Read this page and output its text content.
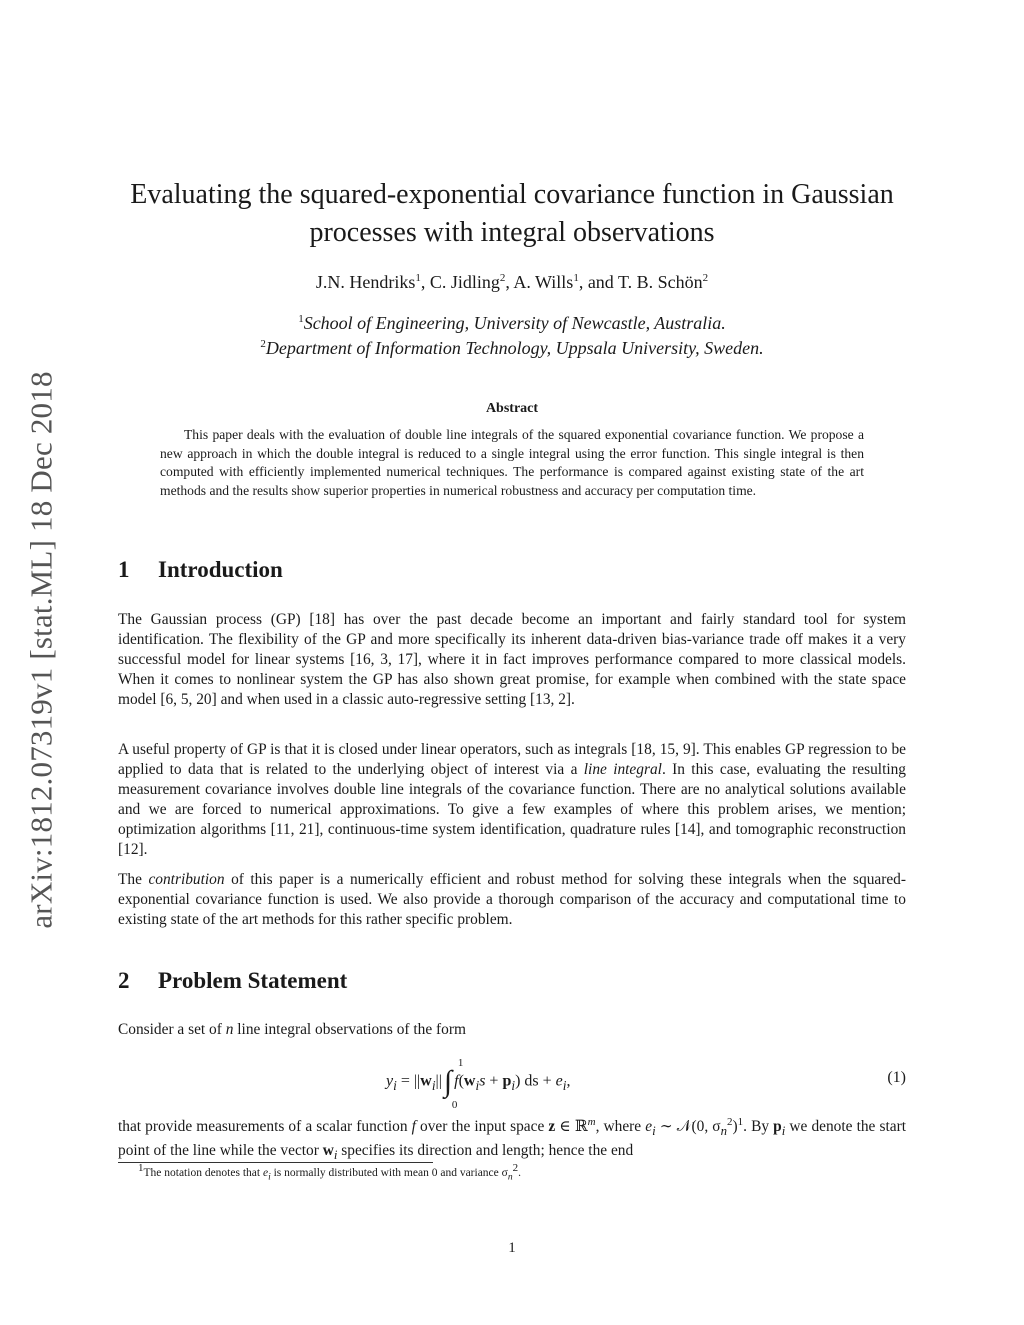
arXiv:1812.07319v1 [stat.ML] 18 Dec 2018
Evaluating the squared-exponential covariance function in Gaussian
processes with integral observations
J.N. Hendriks$^1$, C. Jidling$^2$, A. Wills$^1$, and T. B. Schön$^2$
$^1$School of Engineering, University of Newcastle, Australia.
$^2$Department of Information Technology, Uppsala University, Sweden.
Abstract
This paper deals with the evaluation of double line integrals of the squared exponential covariance function. We propose a new approach in which the double integral is reduced to a single integral using the error function. This single integral is then computed with efficiently implemented numerical techniques. The performance is compared against existing state of the art methods and the results show superior properties in numerical robustness and accuracy per computation time.
1 Introduction
The Gaussian process (GP) [18] has over the past decade become an important and fairly standard tool for system identification. The flexibility of the GP and more specifically its inherent data-driven bias-variance trade off makes it a very successful model for linear systems [16, 3, 17], where it in fact improves performance compared to more classical models. When it comes to nonlinear system the GP has also shown great promise, for example when combined with the state space model [6, 5, 20] and when used in a classic auto-regressive setting [13, 2].
A useful property of GP is that it is closed under linear operators, such as integrals [18, 15, 9]. This enables GP regression to be applied to data that is related to the underlying object of interest via a line integral. In this case, evaluating the resulting measurement covariance involves double line integrals of the covariance function. There are no analytical solutions available and we are forced to numerical approximations. To give a few examples of where this problem arises, we mention; optimization algorithms [11, 21], continuous-time system identification, quadrature rules [14], and tomographic reconstruction [12].
The contribution of this paper is a numerically efficient and robust method for solving these integrals when the squared-exponential covariance function is used. We also provide a thorough comparison of the accuracy and computational time to existing state of the art methods for this rather specific problem.
2 Problem Statement
Consider a set of n line integral observations of the form
$y_i = ||w_i||\int$
1
0
$f(w_is + p_i)$ ds + $e_i$,	(1)
that provide measurements of a scalar function f over the input space z ∈ ℝ$^m$, where $e_i$ ∼ 𝒩(0, $\sigma_n^2)^1$. By $p_i$ we denote the start point of the line while the vector $w_i$ specifies its direction and length; hence the end
$^1$The notation denotes that $e_i$ is normally distributed with mean 0 and variance $\sigma_n^2$.
1
